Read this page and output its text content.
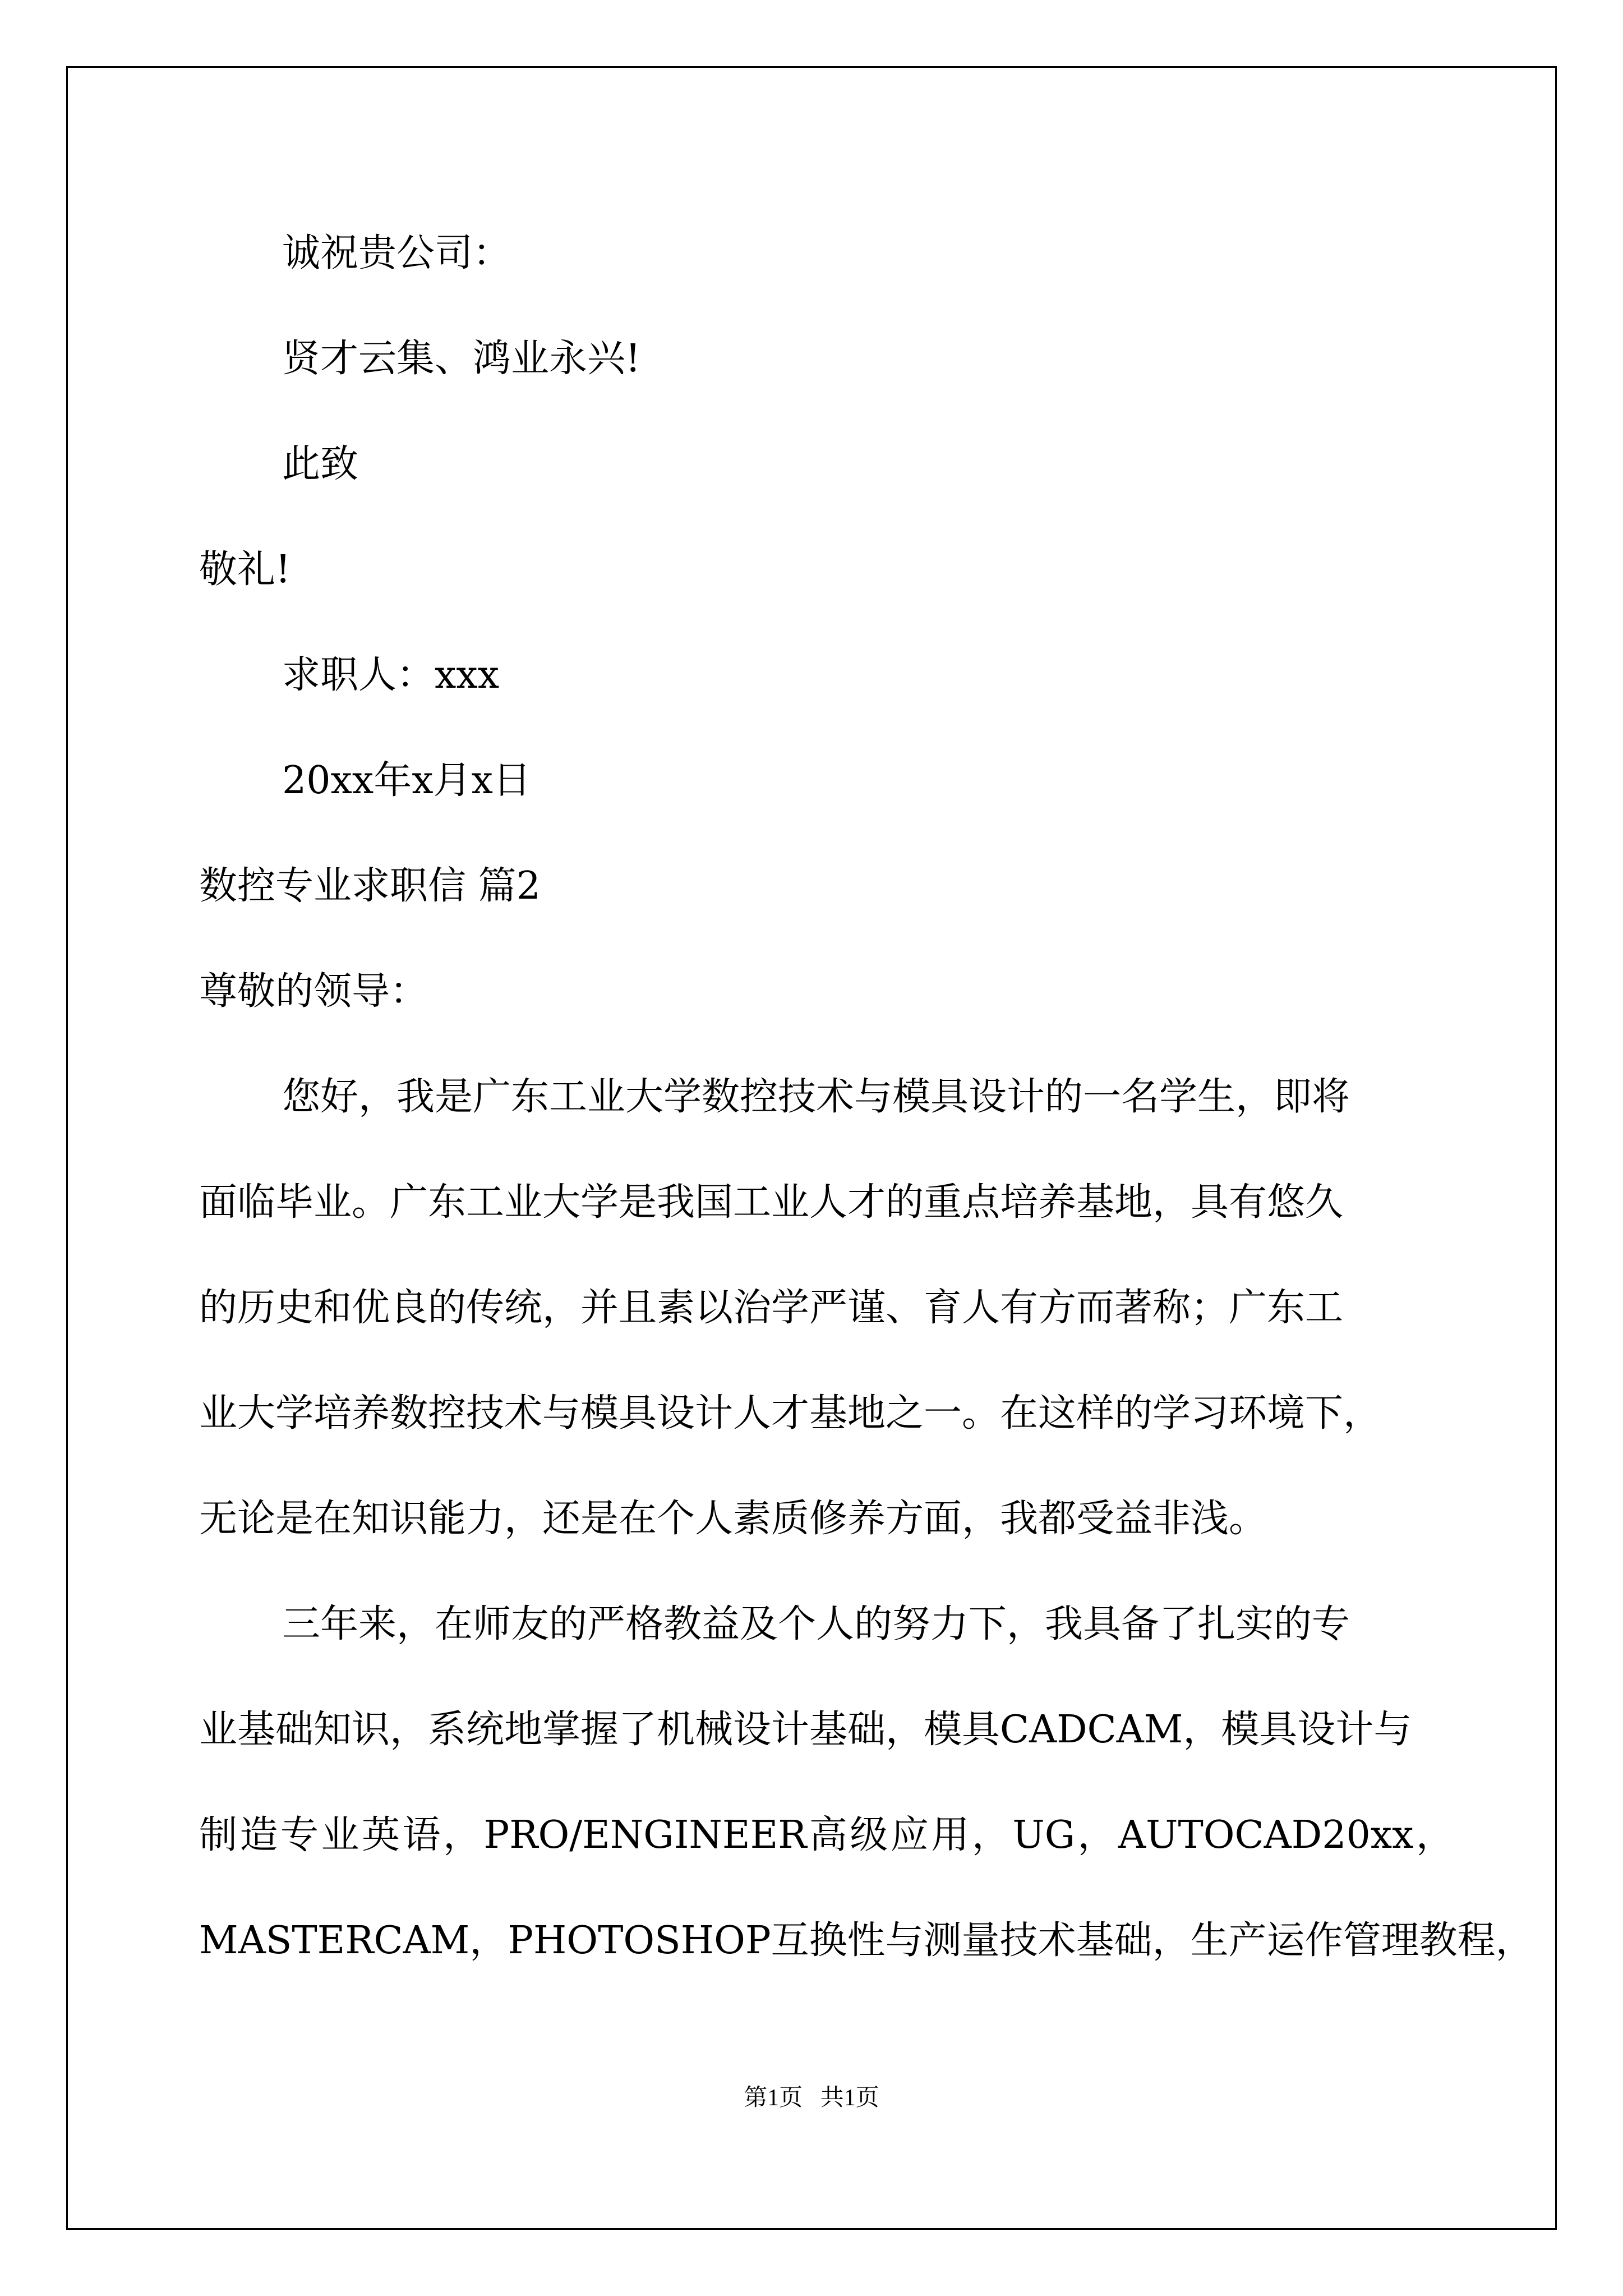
诚祝贵公司：

贤才云集、鸿业永兴!

此致

敬礼!

求职人：xxx

20xx年x月x日

数控专业求职信 篇2

尊敬的领导：

您好，我是广东工业大学数控技术与模具设计的一名学生，即将

面临毕业。广东工业大学是我国工业人才的重点培养基地，具有悠久

的历史和优良的传统，并且素以治学严谨、育人有方而著称；广东工

业大学培养数控技术与模具设计人才基地之一。在这样的学习环境下，

无论是在知识能力，还是在个人素质修养方面，我都受益非浅。

三年来，在师友的严格教益及个人的努力下，我具备了扎实的专

业基础知识，系统地掌握了机械设计基础，模具CADCAM，模具设计与

制 造 专 业 英 语 ， PRO/ENGINEER 高 级 应 用 ， UG ， AUTOCAD20xx ，

MASTERCAM，PHOTOSHOP互换性与测量技术基础，生产运作管理教程，

第1页   共1页
